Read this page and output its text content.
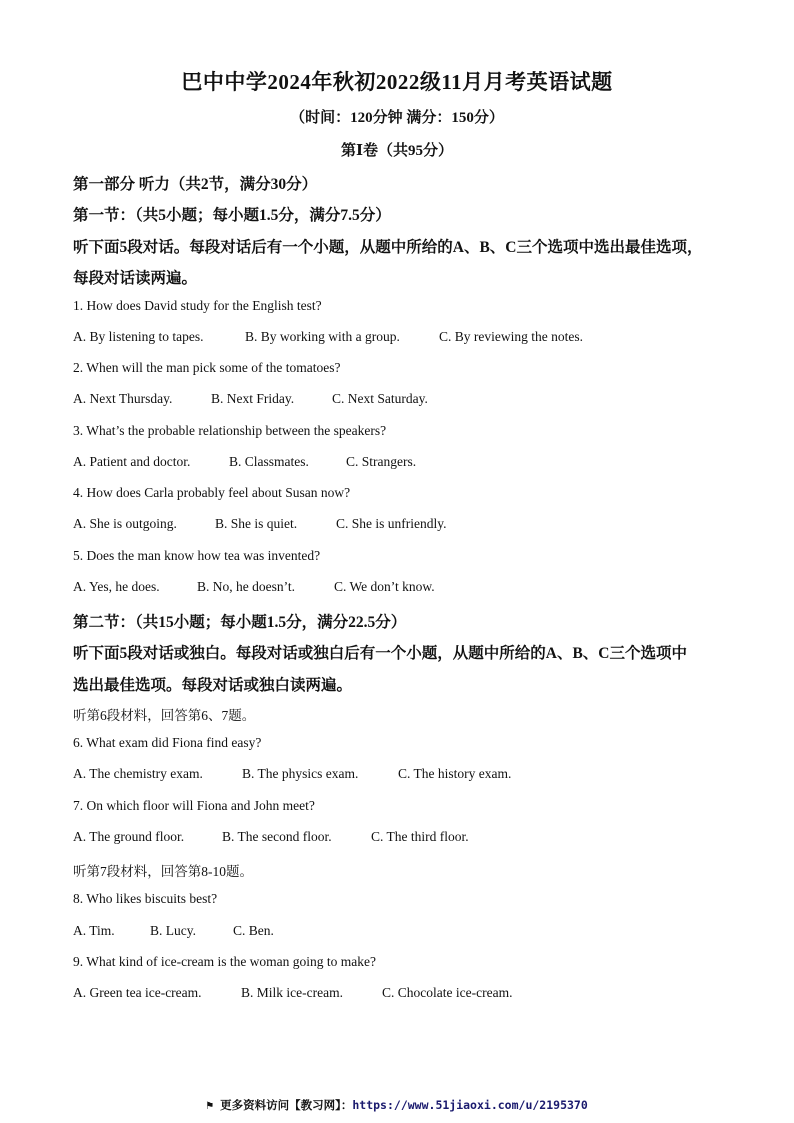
巴中中学2024年秋初2022级11月月考英语试题
（时间：120分钟 满分：150分）
第Ⅰ卷（共95分）
第一部分 听力（共2节，满分30分）
第一节：（共5小题；每小题1.5分，满分7.5分）
听下面5段对话。每段对话后有一个小题，从题中所给的A、B、C三个选项中选出最佳选项，
每段对话读两遍。
1. How does David study for the English test?
A. By listening to tapes.	B. By working with a group.	C. By reviewing the notes.
2. When will the man pick some of the tomatoes?
A. Next Thursday.	B. Next Friday.	C. Next Saturday.
3. What’s the probable relationship between the speakers?
A. Patient and doctor.	B. Classmates.	C. Strangers.
4. How does Carla probably feel about Susan now?
A. She is outgoing.	B. She is quiet.	C. She is unfriendly.
5. Does the man know how tea was invented?
A. Yes, he does.	B. No, he doesn’t.	C. We don’t know.
第二节：（共15小题；每小题1.5分，满分22.5分）
听下面5段对话或独白。每段对话或独白后有一个小题，从题中所给的A、B、C三个选项中
选出最佳选项。每段对话或独白读两遍。
听第6段材料，回答第6、7题。
6. What exam did Fiona find easy?
A. The chemistry exam.	B. The physics exam.	C. The history exam.
7. On which floor will Fiona and John meet?
A. The ground floor.	B. The second floor.	C. The third floor.
听第7段材料，回答第8-10题。
8. Who likes biscuits best?
A. Tim.	B. Lucy.	C. Ben.
9. What kind of ice-cream is the woman going to make?
A. Green tea ice-cream.	B. Milk ice-cream.	C. Chocolate ice-cream.
⚑ 更多资料访问【教习网】：https://www.51jiaoxi.com/u/2195370
